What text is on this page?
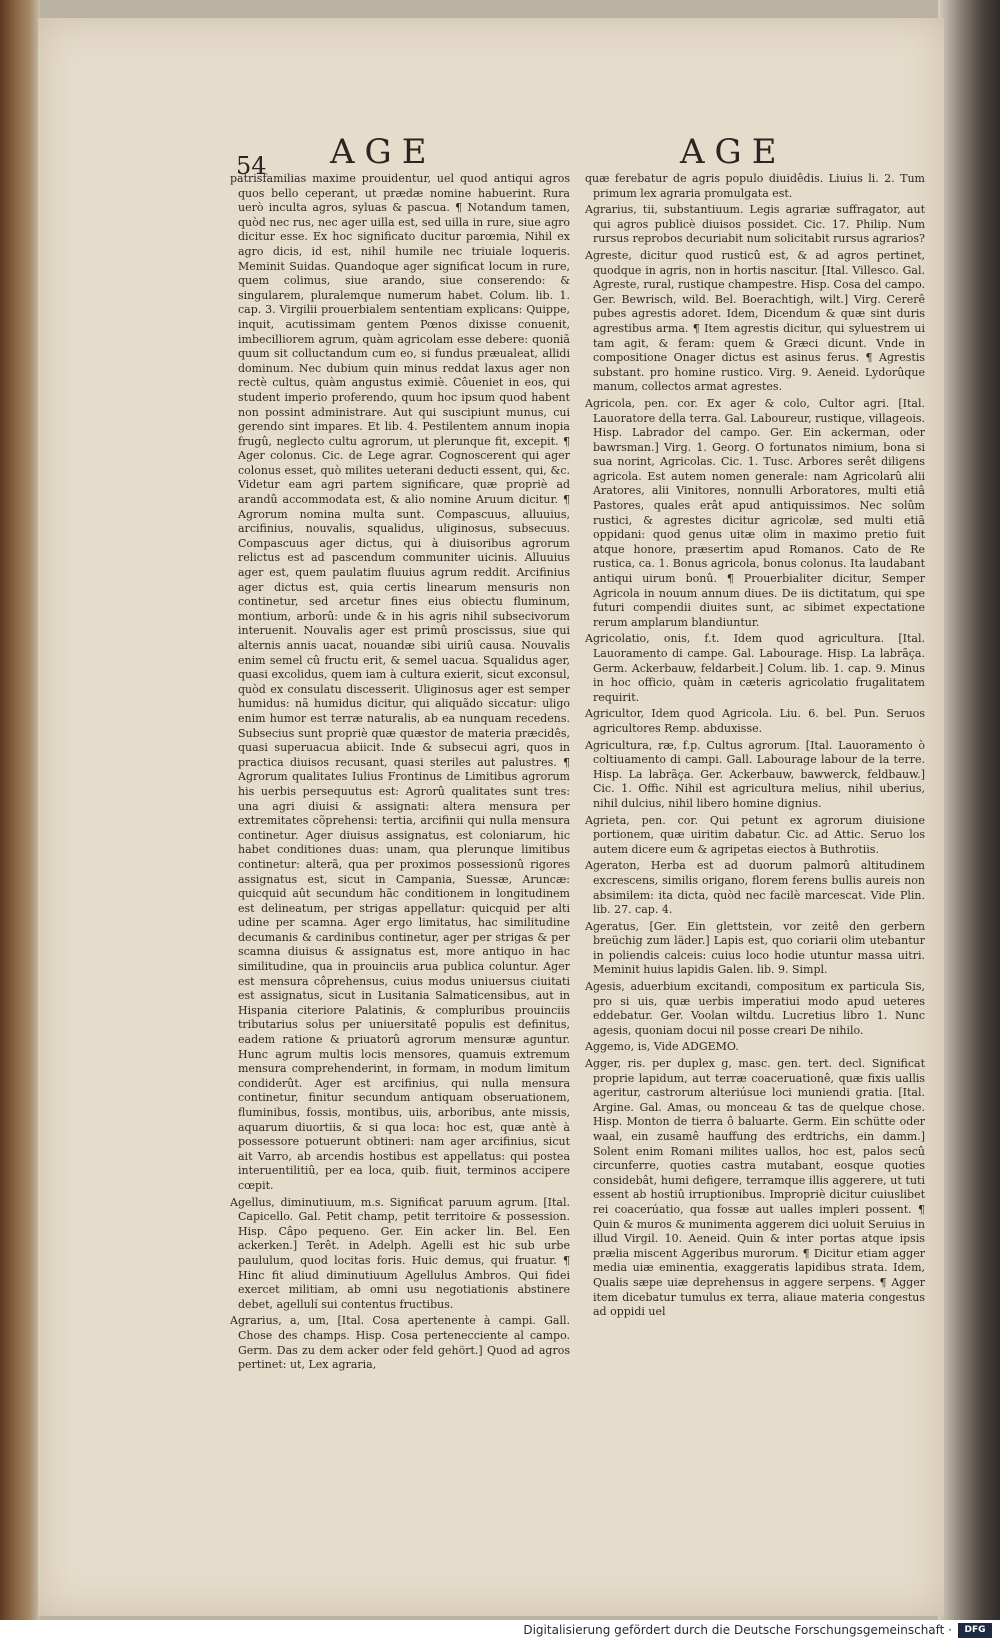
54 AGE	AGE

patrisfamilias maxime prouidentur, uel quod antiqui agros quos bello ceperant, ut prædæ nomine habuerint. Rura uerò inculta agros, syluas & pascua. ¶ Notandum tamen, quòd nec rus, nec ager uilla est, sed uilla in rure, siue agro dicitur esse. Ex hoc significato ducitur parœmia, Nihil ex agro dicis, id est, nihil humile nec triuiale loqueris. Meminit Suidas. Quandoque ager significat locum in rure, quem colimus, siue arando, siue conserendo: & singularem, pluralemque numerum habet. Colum. lib. 1. cap. 3. Virgilii prouerbialem sententiam explicans: Quippe, inquit, acutissimam gentem Pœnos dixisse conuenit, imbecilliorem agrum, quàm agricolam esse debere: quoniã quum sit colluctandum cum eo, si fundus præualeat, allidi dominum. Nec dubium quin minus reddat laxus ager non rectè cultus, quàm angustus eximiè. Côueniet in eos, qui student imperio proferendo, quum hoc ipsum quod habent non possint administrare. Aut qui suscipiunt munus, cui gerendo sint impares. Et lib. 4. Pestilentem annum inopia frugû, neglecto cultu agrorum, ut plerunque fit, excepit. ¶ Ager colonus. Cic. de Lege agrar. Cognoscerent qui ager colonus esset, quò milites ueterani deducti essent, qui, &c. Videtur eam agri partem significare, quæ propriè ad arandû accommodata est, & alio nomine Aruum dicitur. ¶ Agrorum nomina multa sunt. Compascuus, alluuius, arcifinius, nouvalis, squalidus, uliginosus, subsecuus. Compascuus ager dictus, qui à diuisoribus agrorum relictus est ad pascendum communiter uicinis. Alluuius ager est, quem paulatim fluuius agrum reddit. Arcifinius ager dictus est, quia certis linearum mensuris non continetur, sed arcetur fines eius obiectu fluminum, montium, arborû: unde & in his agris nihil subsecivorum interuenit. Nouvalis ager est primû proscissus, siue qui alternis annis uacat, nouandæ sibi uiriû causa. Nouvalis enim semel cû fructu erit, & semel uacua. Squalidus ager, quasi excolidus, quem iam à cultura exierit, sicut exconsul, quòd ex consulatu discesserit. Uliginosus ager est semper humidus: nã humidus dicitur, qui aliquãdo siccatur: uligo enim humor est terræ naturalis, ab ea nunquam recedens. Subsecius sunt propriè quæ quæstor de materia præcidês, quasi superuacua abiicit. Inde & subsecui agri, quos in practica diuisos recusant, quasi steriles aut palustres. ¶ Agrorum qualitates Iulius Frontinus de Limitibus agrorum his uerbis persequutus est: Agrorû qualitates sunt tres: una agri diuisi & assignati: altera mensura per extremitates cõprehensi: tertia, arcifinii qui nulla mensura continetur. Ager diuisus assignatus, est coloniarum, hic habet conditiones duas: unam, qua plerunque limitibus continetur: alterã, qua per proximos possessionû rigores assignatus est, sicut in Campania, Suessæ, Aruncæ: quicquid aût secundum hãc conditionem in longitudinem est delineatum, per strigas appellatur: quicquid per alti udine per scamna. Ager ergo limitatus, hac similitudine decumanis & cardinibus continetur, ager per strigas & per scamna diuisus & assignatus est, more antiquo in hac similitudine, qua in prouinciis arua publica coluntur. Ager est mensura côprehensus, cuius modus uniuersus ciuitati est assignatus, sicut in Lusitania Salmaticensibus, aut in Hispania citeriore Palatinis, & compluribus prouinciis tributarius solus per uniuersitatê populis est definitus, eadem ratione & priuatorû agrorum mensuræ aguntur. Hunc agrum multis locis mensores, quamuis extremum mensura comprehenderint, in formam, in modum limitum condiderût. Ager est arcifinius, qui nulla mensura continetur, finitur secundum antiquam obseruationem, fluminibus, fossis, montibus, uiis, arboribus, ante missis, aquarum diuortiis, & si qua loca: hoc est, quæ antè à possessore potuerunt obtineri: nam ager arcifinius, sicut ait Varro, ab arcendis hostibus est appellatus: qui postea interuentilitiû, per ea loca, quib. fiuit, terminos accipere cœpit.

Agellus, diminutiuum, m.s. Significat paruum agrum. [Ital. Capicello. Gal. Petit champ, petit territoire & possession. Hisp. Câpo pequeno. Ger. Ein acker lin. Bel. Een ackerken.] Terêt. in Adelph. Agelli est hic sub urbe paululum, quod locitas foris. Huic demus, qui fruatur. ¶ Hinc fit aliud diminutiuum Agellulus Ambros. Qui fidei exercet militiam, ab omni usu negotiationis abstinere debet, agellulí sui contentus fructibus.

Agrarius, a, um, [Ital. Cosa apertenente à campi. Gall. Chose des champs. Hisp. Cosa pertenecciente al campo. Germ. Das zu dem acker oder feld gehört.] Quod ad agros pertinet: ut, Lex agraria,

quæ ferebatur de agris populo diuidêdis. Liuius li. 2. Tum primum lex agraria promulgata est.

Agrarius, tii, substantiuum. Legis agrariæ suffragator, aut qui agros publicè diuisos possidet. Cic. 17. Philip. Num rursus reprobos decuriabit num solicitabit rursus agrarios?

Agreste, dicitur quod rusticû est, & ad agros pertinet, quodque in agris, non in hortis nascitur. [Ital. Villesco. Gal. Agreste, rural, rustique champestre. Hisp. Cosa del campo. Ger. Bewrisch, wild. Bel. Boerachtigh, wilt.] Virg. Cererê pubes agrestis adoret. Idem, Dicendum & quæ sint duris agrestibus arma. ¶ Item agrestis dicitur, qui syluestrem ui tam agit, & feram: quem & Græci dicunt. Vnde in compositione Onager dictus est asinus ferus. ¶ Agrestis substant. pro homine rustico. Virg. 9. Aeneid. Lydorûque manum, collectos armat agrestes.

Agricola, pen. cor. Ex ager & colo, Cultor agri. [Ital. Lauoratore della terra. Gal. Laboureur, rustique, villageois. Hisp. Labrador del campo. Ger. Ein ackerman, oder bawrsman.] Virg. 1. Georg. O fortunatos nimium, bona si sua norint, Agricolas. Cic. 1. Tusc. Arbores serêt diligens agricola. Est autem nomen generale: nam Agricolarû alii Aratores, alii Vinitores, nonnulli Arboratores, multi etiâ Pastores, quales erât apud antiquissimos. Nec solûm rustici, & agrestes dicitur agricolæ, sed multi etiã oppidani: quod genus uitæ olim in maximo pretio fuit atque honore, præsertim apud Romanos. Cato de Re rustica, ca. 1. Bonus agricola, bonus colonus. Ita laudabant antiqui uirum bonû. ¶ Prouerbialiter dicitur, Semper Agricola in nouum annum diues. De iis dictitatum, qui spe futuri compendii diuites sunt, ac sibimet expectatione rerum amplarum blandiuntur.

Agricolatio, onis, f.t. Idem quod agricultura. [Ital. Lauoramento di campe. Gal. Labourage. Hisp. La labrãça. Germ. Ackerbauw, feldarbeit.] Colum. lib. 1. cap. 9. Minus in hoc officio, quàm in cæteris agricolatio frugalitatem requirit.

Agricultor, Idem quod Agricola. Liu. 6. bel. Pun. Seruos agricultores Remp. abduxisse.

Agricultura, ræ, f.p. Cultus agrorum. [Ital. Lauoramento ò coltiuamento di campi. Gall. Labourage labour de la terre. Hisp. La labrãça. Ger. Ackerbauw, bawwerck, feldbauw.] Cic. 1. Offic. Nihil est agricultura melius, nihil uberius, nihil dulcius, nihil libero homine dignius.

Agrieta, pen. cor. Qui petunt ex agrorum diuisione portionem, quæ uiritim dabatur. Cic. ad Attic. Seruo los autem dicere eum & agripetas eiectos à Buthrotiis.

Ageraton, Herba est ad duorum palmorû altitudinem excrescens, similis origano, florem ferens bullis aureis non absimilem: ita dicta, quòd nec facilè marcescat. Vide Plin. lib. 27. cap. 4.

Ageratus, [Ger. Ein glettstein, vor zeitê den gerbern breüchig zum läder.] Lapis est, quo coriarii olim utebantur in poliendis calceis: cuius loco hodie utuntur massa uitri. Meminit huius lapidis Galen. lib. 9. Simpl.

Agesis, aduerbium excitandi, compositum ex particula Sis, pro si uis, quæ uerbis imperatiui modo apud ueteres eddebatur. Ger. Voolan wiltdu. Lucretius libro 1. Nunc agesis, quoniam docui nil posse creari De nihilo.

Aggemo, is, Vide ADGEMO.

Agger, ris. per duplex g, masc. gen. tert. decl. Significat proprie lapidum, aut terræ coaceruationê, quæ fixis uallis ageritur, castrorum alteriúsue loci muniendi gratia. [Ital. Argine. Gal. Amas, ou monceau & tas de quelque chose. Hisp. Monton de tierra ô baluarte. Germ. Ein schütte oder waal, ein zusamê hauffung des erdtrichs, ein damm.] Solent enim Romani milites uallos, hoc est, palos secû circunferre, quoties castra mutabant, eosque quoties considebât, humi defigere, terramque illis aggerere, ut tuti essent ab hostiû irruptionibus. Impropriè dicitur cuiuslibet rei coacerúatio, qua fossæ aut ualles impleri possent. ¶ Quin & muros & munimenta aggerem dici uoluit Seruius in illud Virgil. 10. Aeneid. Quin & inter portas atque ipsis prælia miscent Aggeribus murorum. ¶ Dicitur etiam agger media uiæ eminentia, exaggeratis lapidibus strata. Idem, Qualis sæpe uiæ deprehensus in aggere serpens. ¶ Agger item dicebatur tumulus ex terra, aliaue materia congestus ad oppidi uel

Digitalisierung gefördert durch die Deutsche Forschungsgemeinschaft ·	DFG
